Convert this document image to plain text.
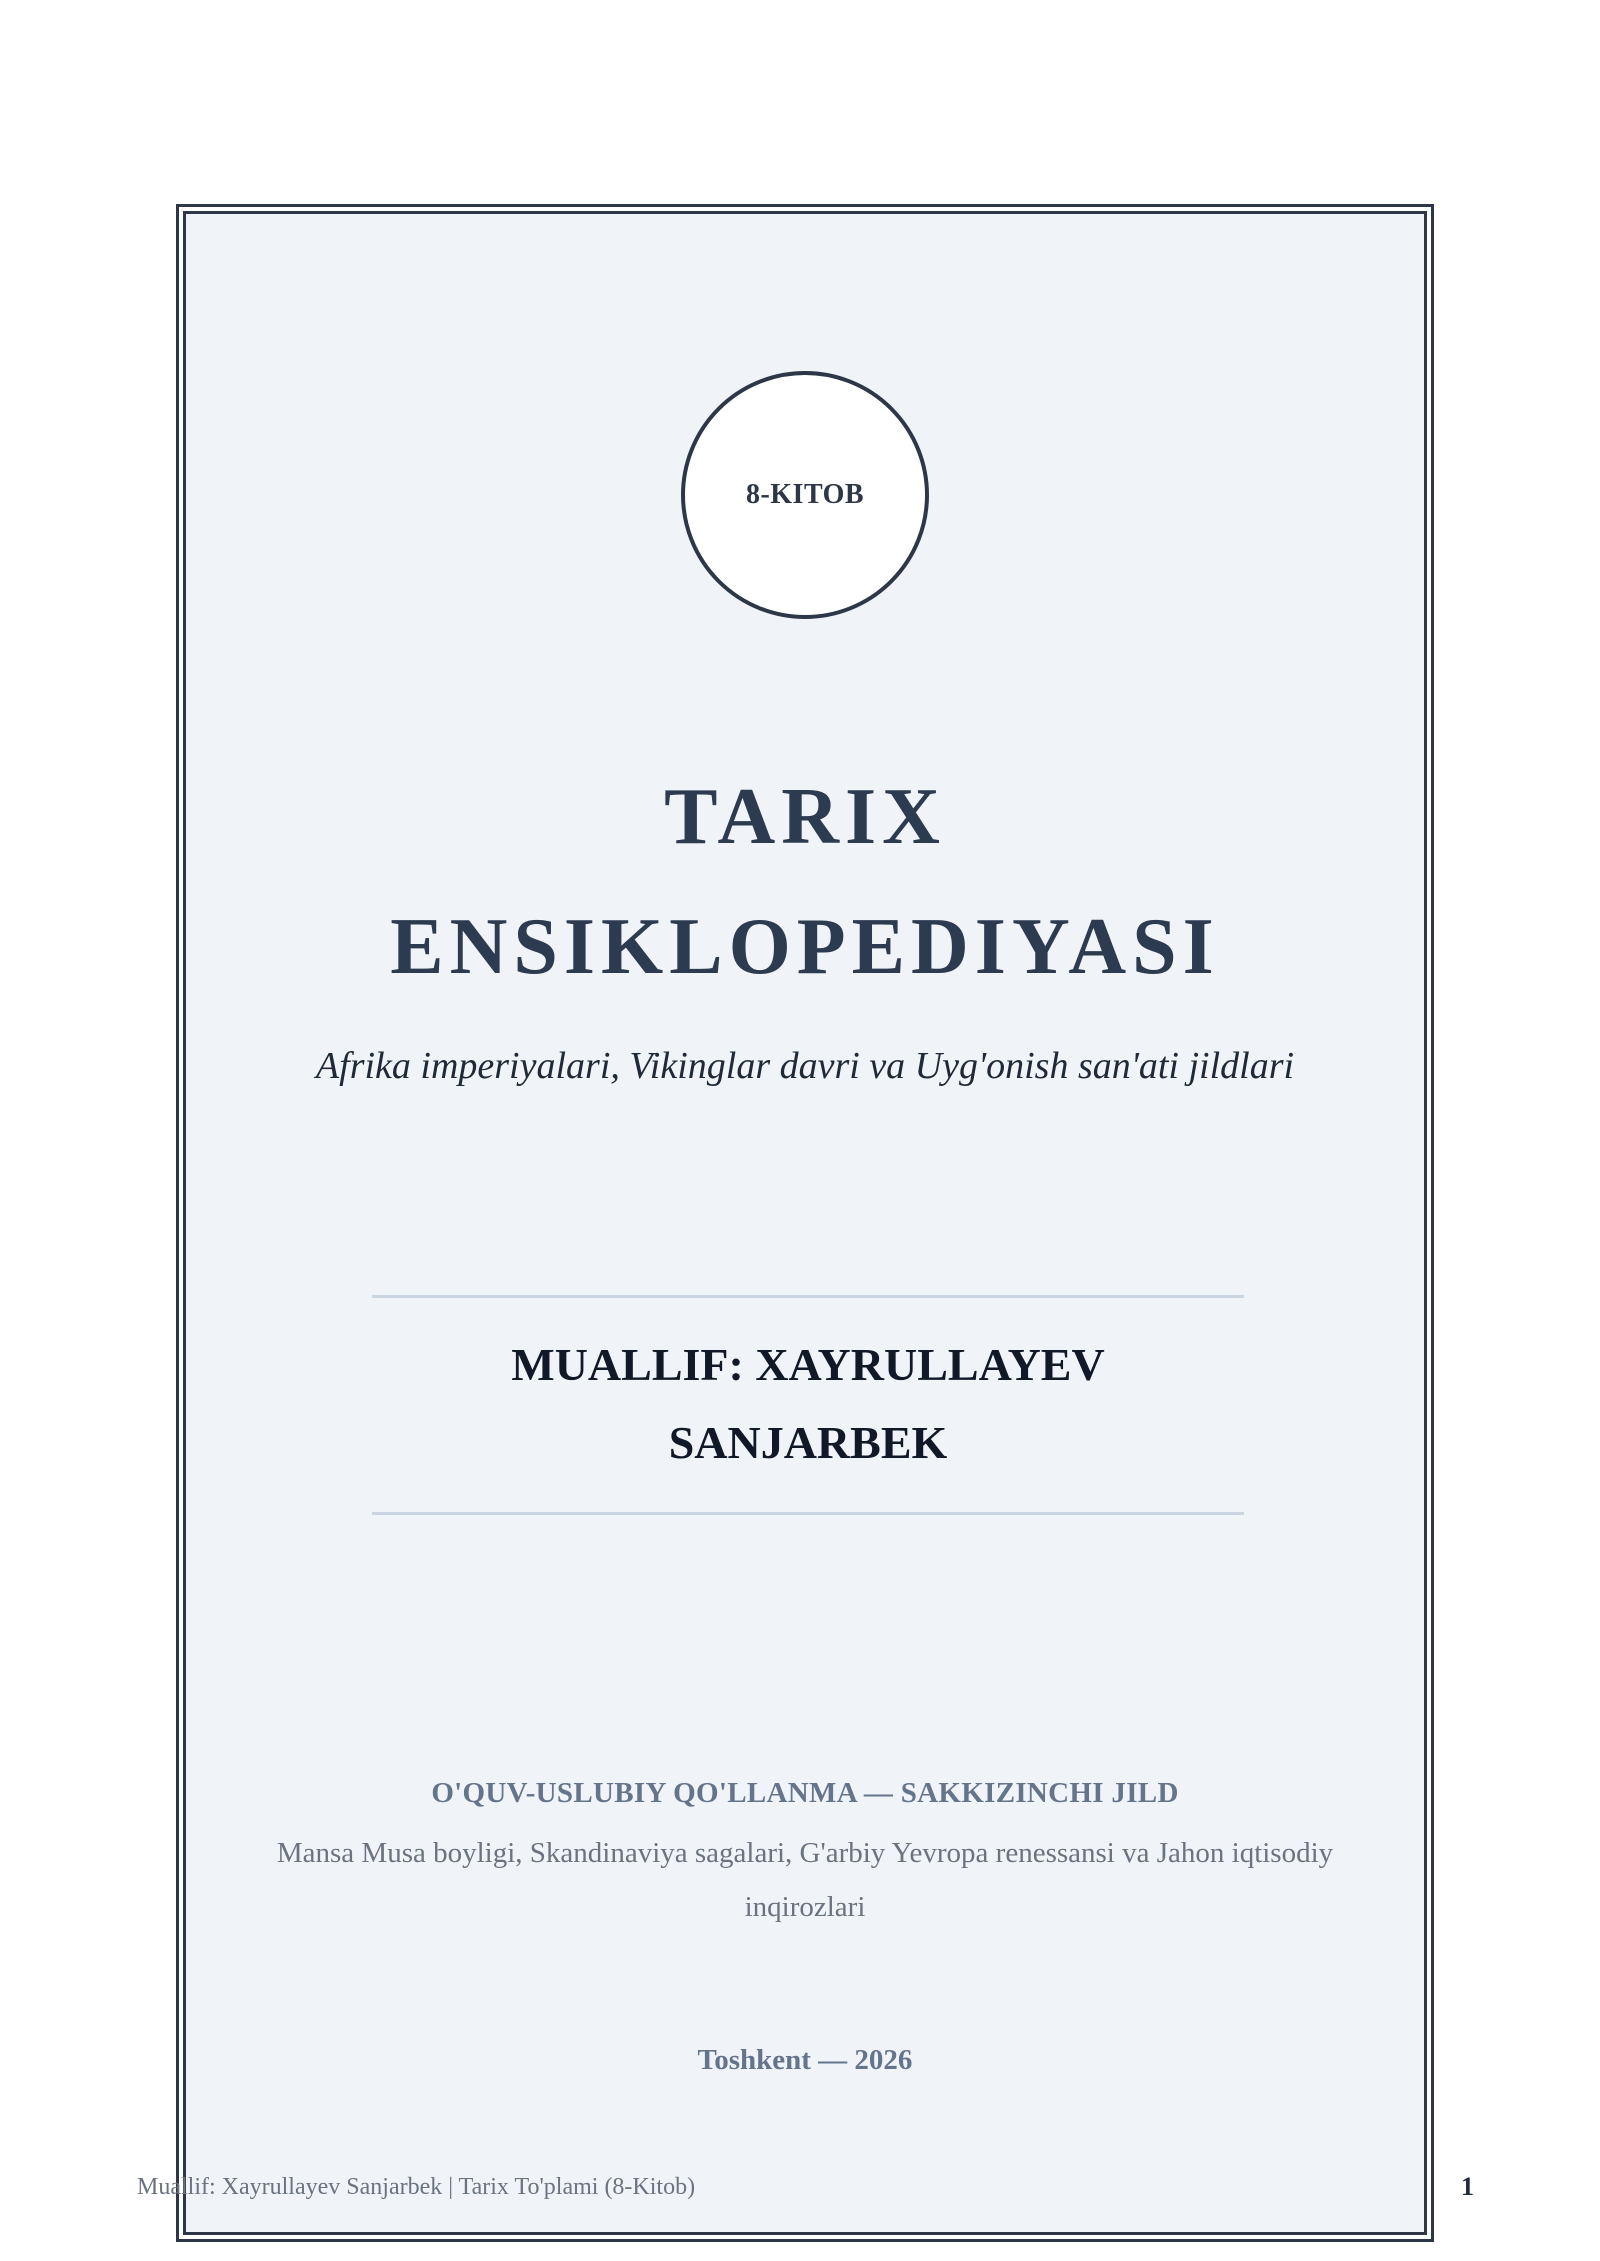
8-KITOB
TARIX
ENSIKLOPEDIYASI
Afrika imperiyalari, Vikinglar davri va Uyg'onish san'ati jildlari
MUALLIF: XAYRULLAYEV
SANJARBEK
O'QUV-USLUBIY QO'LLANMA — SAKKIZINCHI JILD
Mansa Musa boyligi, Skandinaviya sagalari, G'arbiy Yevropa renessansi va Jahon iqtisodiy inqirozlari
Toshkent — 2026
Muallif: Xayrullayev Sanjarbek | Tarix To'plami (8-Kitob)	1
